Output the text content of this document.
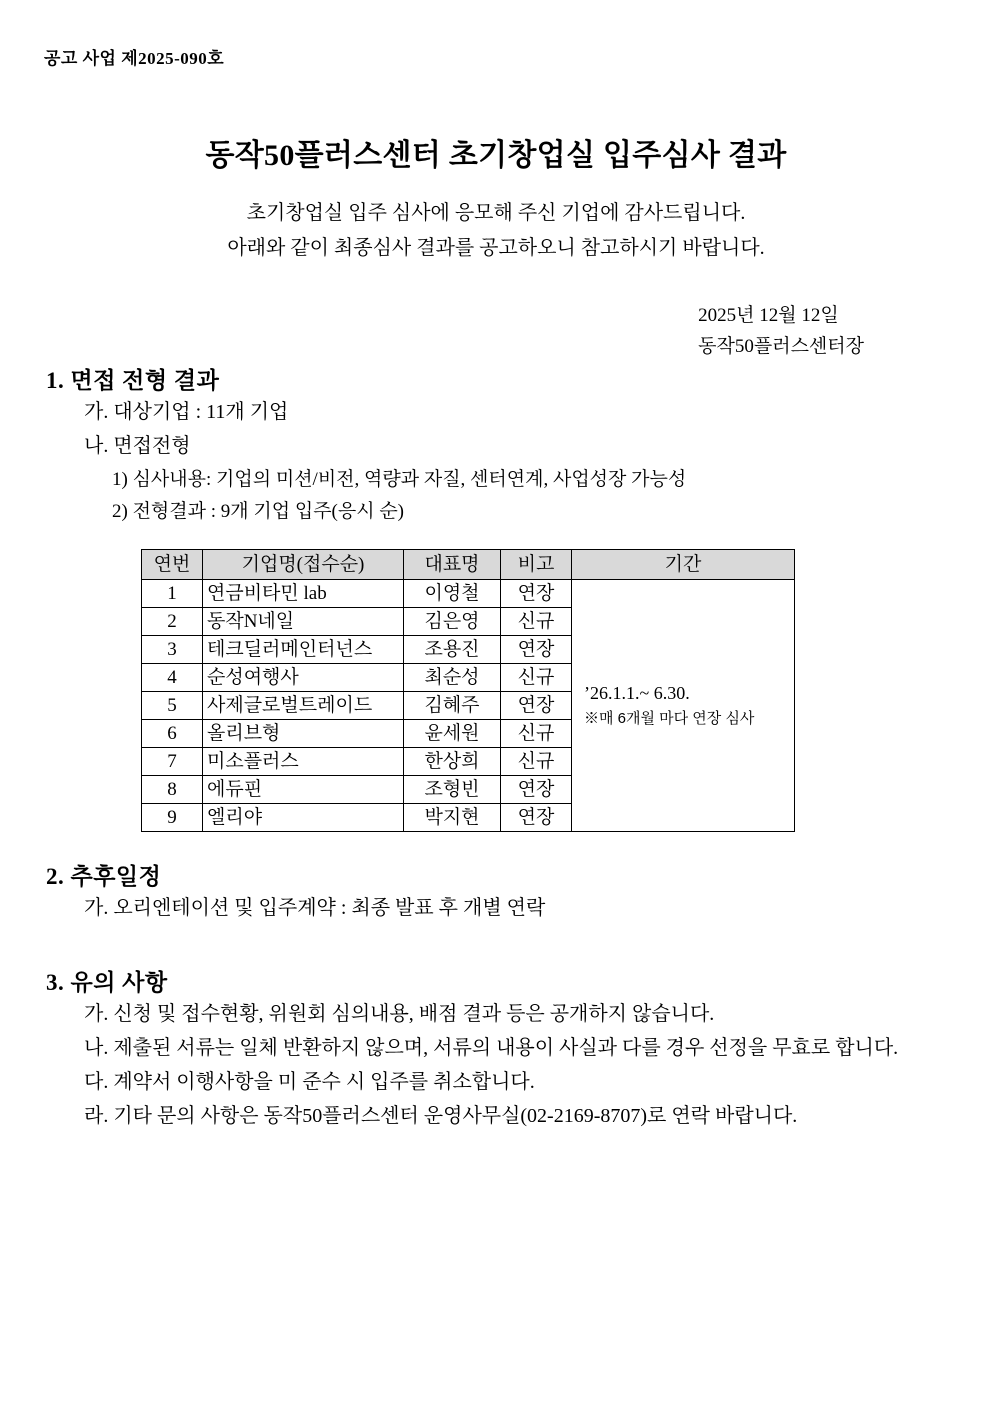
공고 사업 제2025-090호
동작50플러스센터 초기창업실 입주심사 결과
초기창업실 입주 심사에 응모해 주신 기업에 감사드립니다.
아래와 같이 최종심사 결과를 공고하오니 참고하시기 바랍니다.
2025년 12월 12일
동작50플러스센터장
1. 면접 전형 결과
가. 대상기업 : 11개 기업
나. 면접전형
1) 심사내용: 기업의 미션/비전, 역량과 자질, 센터연계, 사업성장 가능성
2) 전형결과 : 9개 기업 입주(응시 순)
연번	기업명(접수순)	대표명	비고	기간
1	연금비타민 lab	이영철	연장	’26.1.1.~ 6.30.
※매 6개월 마다 연장 심사

2	동작N네일	김은영	신규	
3	테크딜러메인터넌스	조용진	연장	
4	순성여행사	최순성	신규	
5	사제글로벌트레이드	김혜주	연장	
6	올리브형	윤세원	신규	
7	미소플러스	한상희	신규	
8	에듀핀	조형빈	연장	
9	엘리야	박지현	연장	
2. 추후일정
가. 오리엔테이션 및 입주계약 : 최종 발표 후 개별 연락
3. 유의 사항
가. 신청 및 접수현황, 위원회 심의내용, 배점 결과 등은 공개하지 않습니다.
나. 제출된 서류는 일체 반환하지 않으며, 서류의 내용이 사실과 다를 경우 선정을 무효로 합니다.
다. 계약서 이행사항을 미 준수 시 입주를 취소합니다.
라. 기타 문의 사항은 동작50플러스센터 운영사무실(02-2169-8707)로 연락 바랍니다.
